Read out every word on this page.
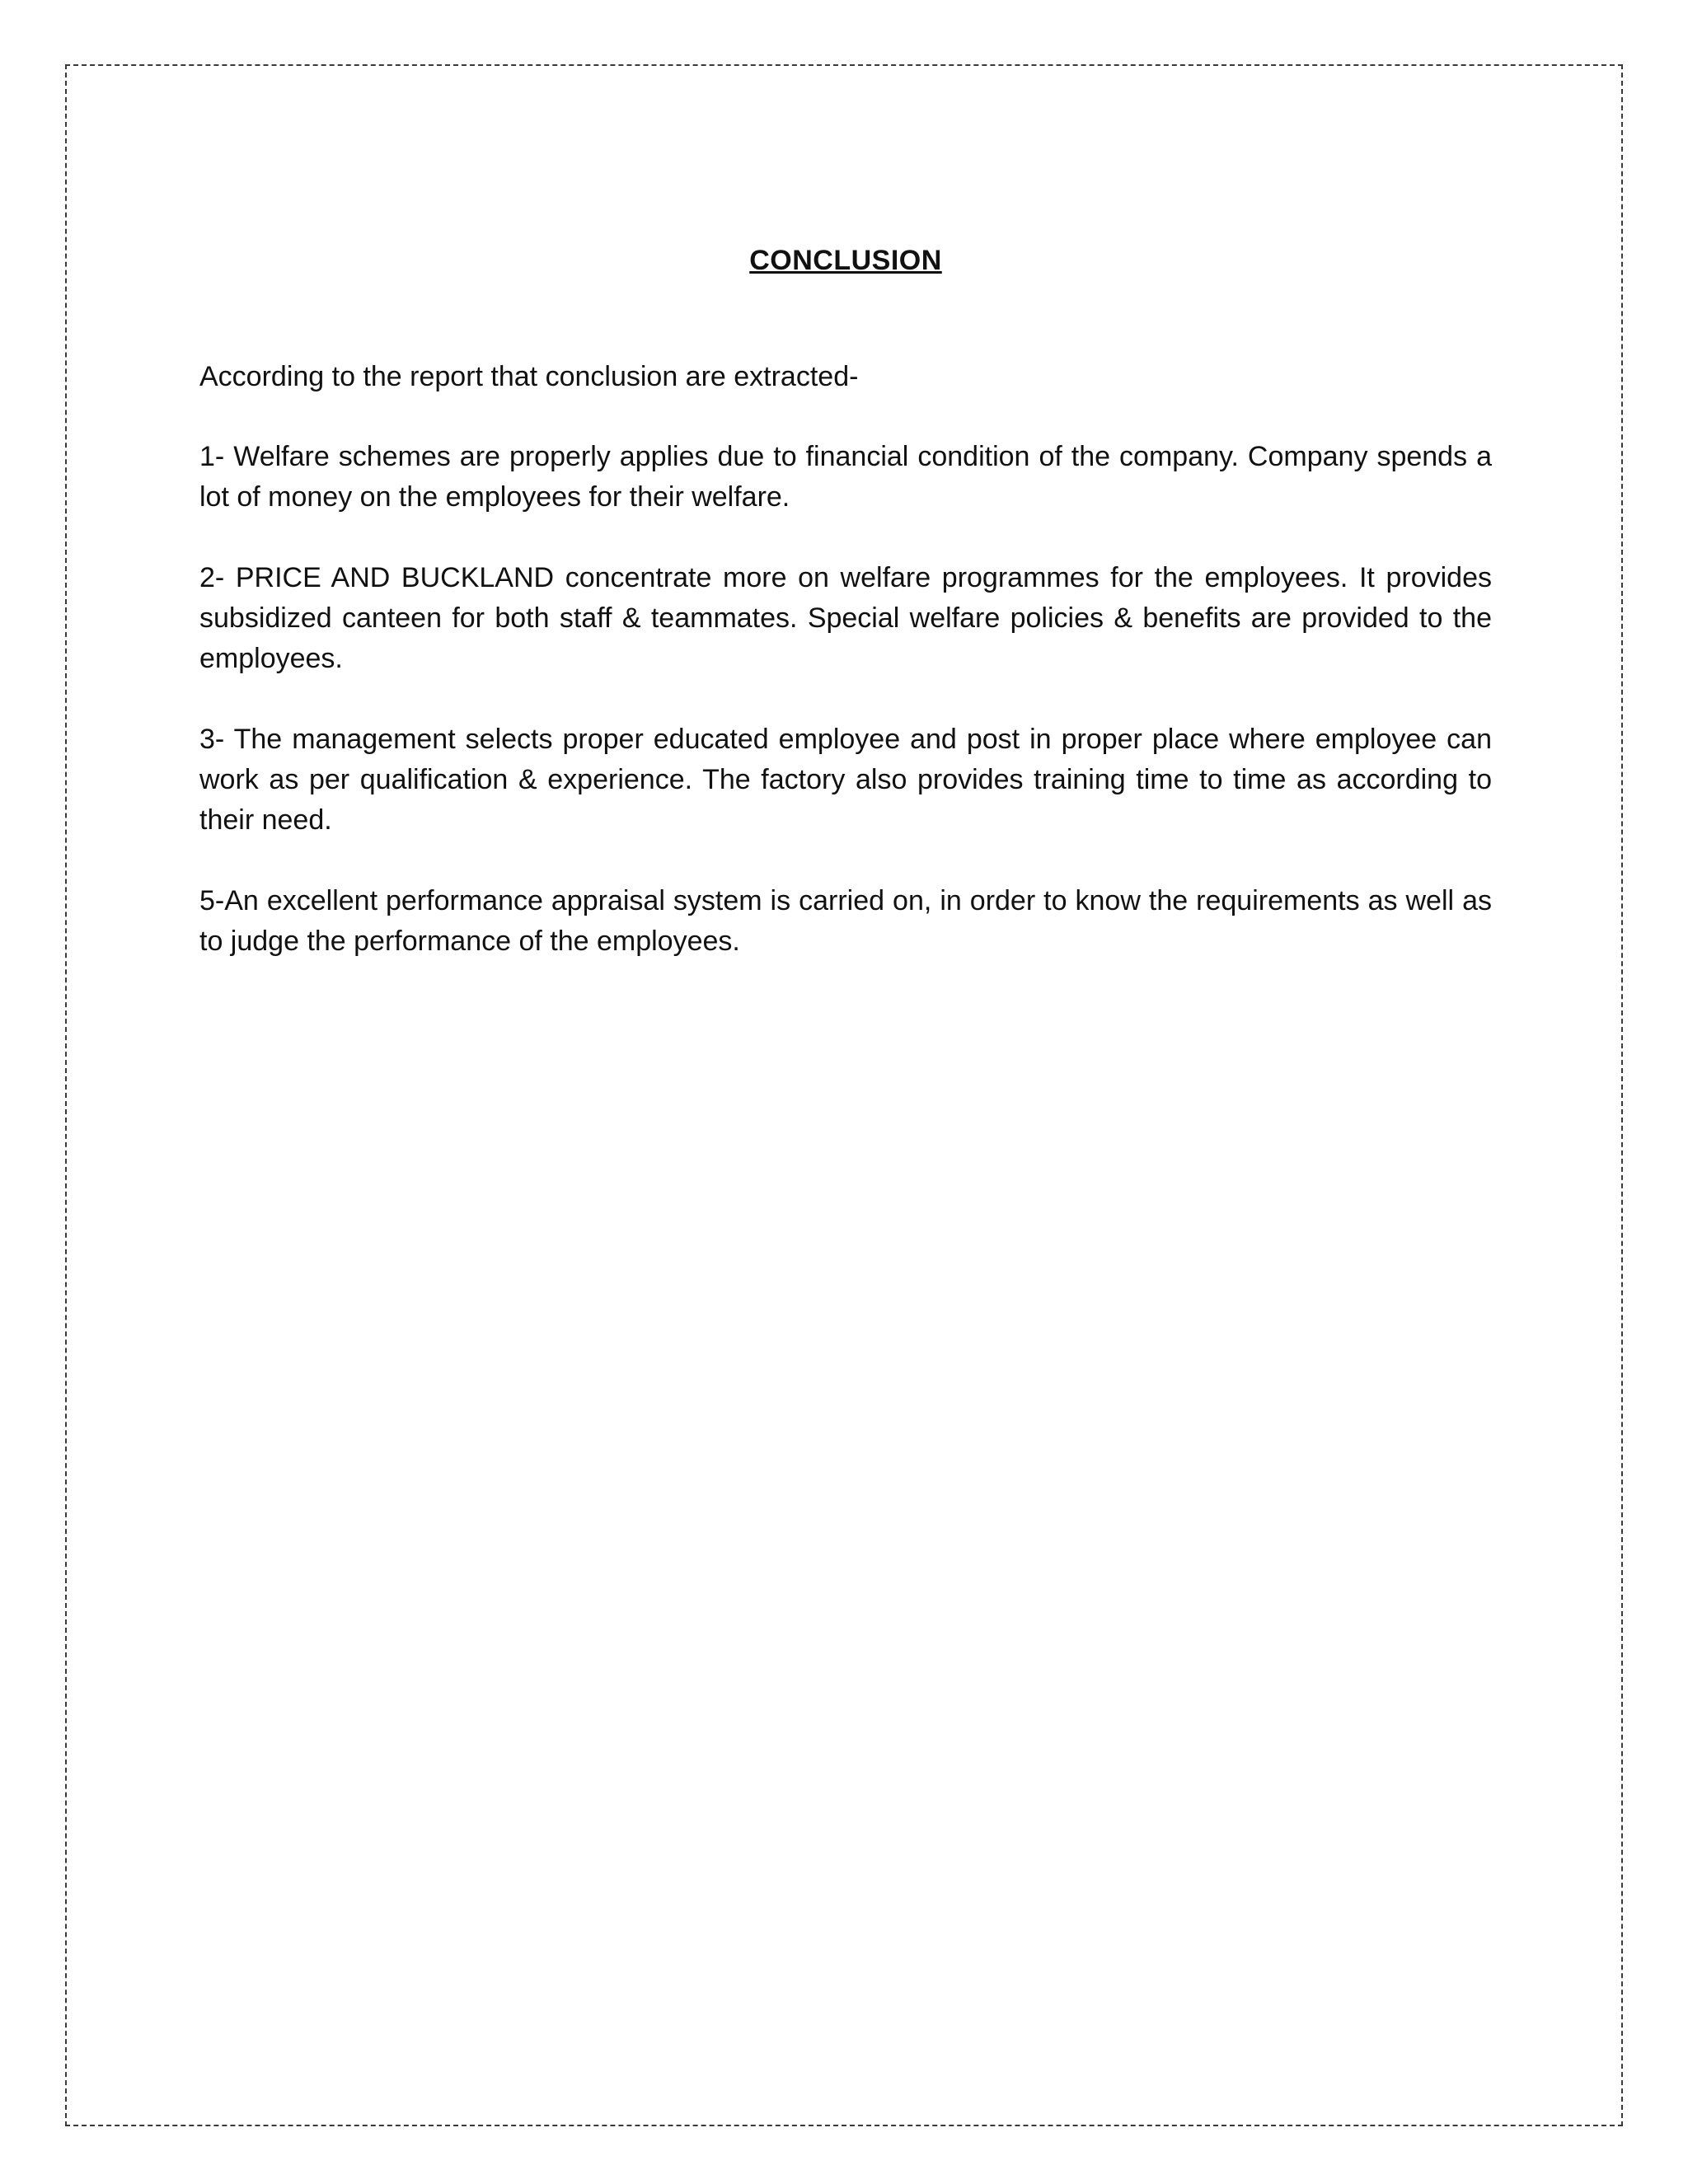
CONCLUSION

According to the report that conclusion are extracted-

1- Welfare schemes are properly applies due to financial condition of the company. Company spends a lot of money on the employees for their welfare.

2- PRICE AND BUCKLAND concentrate more on welfare programmes for the employees. It provides subsidized canteen for both staff & teammates. Special welfare policies & benefits are provided to the employees.

3- The management selects proper educated employee and post in proper place where employee can work as per qualification & experience. The factory also provides training time to time as according to their need.

5-An excellent performance appraisal system is carried on, in order to know the requirements as well as to judge the performance of the employees.
